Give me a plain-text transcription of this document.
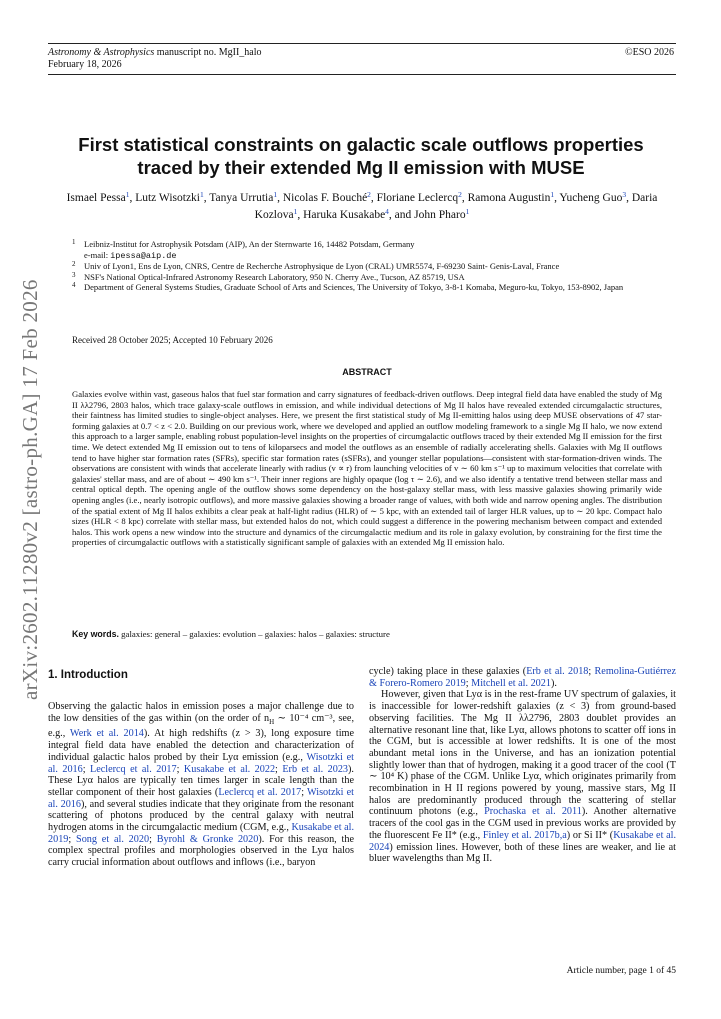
Astronomy & Astrophysics manuscript no. MgII_halo
February 18, 2026
©ESO 2026
arXiv:2602.11280v2 [astro-ph.GA] 17 Feb 2026
First statistical constraints on galactic scale outflows properties traced by their extended Mg II emission with MUSE
Ismael Pessa$^1$, Lutz Wisotzki$^1$, Tanya Urrutia$^1$, Nicolas F. Bouché$^2$, Floriane Leclercq$^2$, Ramona Augustin$^1$, Yucheng Guo$^3$, Daria Kozlova$^1$, Haruka Kusakabe$^4$, and John Pharo$^1$
1 Leibniz-Institut for Astrophysik Potsdam (AIP), An der Sternwarte 16, 14482 Potsdam, Germany
e-mail: ipessa@aip.de
2 Univ of Lyon1, Ens de Lyon, CNRS, Centre de Recherche Astrophysique de Lyon (CRAL) UMR5574, F-69230 Saint- Genis-Laval, France
3 NSF's National Optical-Infrared Astronomy Research Laboratory, 950 N. Cherry Ave., Tucson, AZ 85719, USA
4 Department of General Systems Studies, Graduate School of Arts and Sciences, The University of Tokyo, 3-8-1 Komaba, Meguro-ku, Tokyo, 153-8902, Japan
Received 28 October 2025; Accepted 10 February 2026
ABSTRACT
Galaxies evolve within vast, gaseous halos that fuel star formation and carry signatures of feedback-driven outflows. Deep integral field data have enabled the study of Mg II λλ2796, 2803 halos, which trace galaxy-scale outflows in emission, and while individual detections of Mg II halos have revealed extended circumgalactic structures, their faintness has limited studies to single-object analyses. Here, we present the first statistical study of Mg II-emitting halos using deep MUSE observations of 47 star-forming galaxies at 0.7 < z < 2.0. Building on our previous work, where we developed and applied an outflow modeling framework to a single Mg II halo, we now extend this approach to a larger sample, enabling robust population-level insights on the properties of circumgalactic outflows traced by their extended Mg II emission for the first time. We detect extended Mg II emission out to tens of kiloparsecs and model the outflows as an ensemble of radially accelerating shells. Galaxies with Mg II outflows tend to have higher star formation rates (SFRs), specific star formation rates (sSFRs), and younger stellar populations—consistent with star-formation-driven winds. The observations are consistent with winds that accelerate linearly with radius (v ∝ r) from launching velocities of v ∼ 60 km s⁻¹ up to maximum velocities that correlate with galaxies' stellar mass, and are of about ∼ 490 km s⁻¹. Their inner regions are highly opaque (log τ ∼ 2.6), and we also identify a tentative trend between stellar mass and central optical depth. The opening angle of the outflow shows some dependency on the host-galaxy stellar mass, with less massive galaxies showing primarily wide opening angles (i.e., nearly isotropic outflows), and more massive galaxies showing a broader range of values, with both wide and narrow opening angles. The distribution of the spatial extent of Mg II halos exhibits a clear peak at half-light radius (HLR) of ∼ 5 kpc, with an extended tail of larger HLR values, up to ∼ 20 kpc. Compact halo sizes (HLR < 8 kpc) correlate with stellar mass, but extended halos do not, which could suggest a difference in the powering mechanism between compact and extended halos. This work opens a new window into the structure and dynamics of the circumgalactic medium and its role in galaxy evolution, by constraining for the first time the properties of circumgalactic outflows with a statistically significant sample of galaxies with an extended Mg II emission halo.
Key words. galaxies: general – galaxies: evolution – galaxies: halos – galaxies: structure
1. Introduction

Observing the galactic halos in emission poses a major challenge due to the low densities of the gas within (on the order of $n_H$ ∼ 10⁻⁴ cm⁻³, see, e.g., Werk et al. 2014). At high redshifts (z > 3), long exposure time integral field data have enabled the detection and characterization of individual galactic halos probed by their Lyα emission (e.g., Wisotzki et al. 2016; Leclercq et al. 2017; Kusakabe et al. 2022; Erb et al. 2023). These Lyα halos are typically ten times larger in scale length than the stellar component of their host galaxies (Leclercq et al. 2017; Wisotzki et al. 2016), and several studies indicate that they originate from the resonant scattering of photons produced by the central galaxy with neutral hydrogen atoms in the circumgalactic medium (CGM, e.g., Kusakabe et al. 2019; Song et al. 2020; Byrohl & Gronke 2020). For this reason, the complex spectral profiles and morphologies observed in the Lyα halos carry crucial information about outflows and inflows (i.e., baryon

cycle) taking place in these galaxies (Erb et al. 2018; Remolina-Gutiérrez & Forero-Romero 2019; Mitchell et al. 2021).

However, given that Lyα is in the rest-frame UV spectrum of galaxies, it is inaccessible for lower-redshift galaxies (z < 3) from ground-based observing facilities. The Mg II λλ2796, 2803 doublet provides an alternative resonant line that, like Lyα, allows photons to scatter off ions in the CGM, but is accessible at lower redshifts. It is one of the most abundant metal ions in the Universe, and has an ionization potential slightly lower than that of hydrogen, making it a good tracer of the cool (T ∼ 10⁴ K) phase of the CGM. Unlike Lyα, which originates primarily from recombination in H II regions powered by young, massive stars, Mg II halos are predominantly produced through the scattering of stellar continuum photons (e.g., Prochaska et al. 2011). Another alternative tracers of the cool gas in the CGM used in previous works are provided by the fluorescent Fe II* (e.g., Finley et al. 2017b,a) or Si II* (Kusakabe et al. 2024) emission lines. However, both of these lines are weaker, and lie at bluer wavelengths than Mg II.

Article number, page 1 of 45
